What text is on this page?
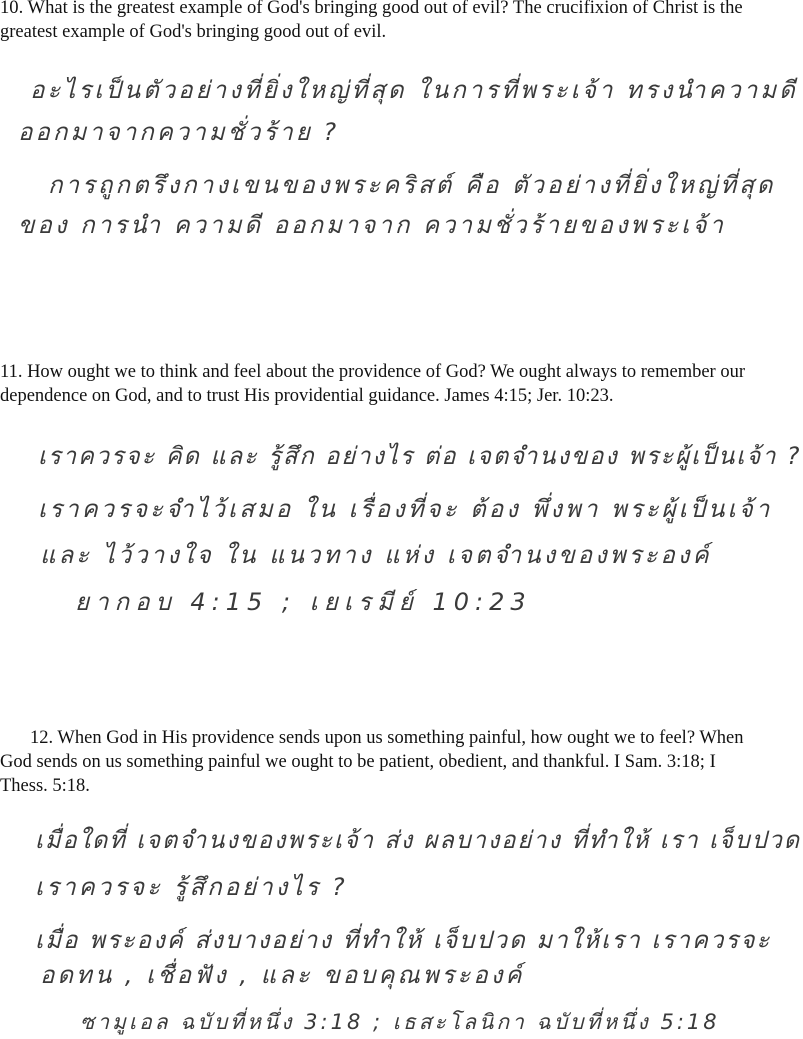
10. What is the greatest example of God's bringing good out of evil? The crucifixion of Christ is the
greatest example of God's bringing good out of evil.
อะไรเป็นตัวอย่างที่ยิ่งใหญ่ที่สุด ในการที่พระเจ้า ทรงนำความดี
ออกมาจากความชั่วร้าย ?
การถูกตรึงกางเขนของพระคริสต์ คือ ตัวอย่างที่ยิ่งใหญ่ที่สุด
ของ การนำ ความดี ออกมาจาก ความชั่วร้ายของพระเจ้า
11. How ought we to think and feel about the providence of God? We ought always to remember our
dependence on God, and to trust His providential guidance. James 4:15; Jer. 10:23.
เราควรจะ คิด และ รู้สึก อย่างไร ต่อ เจตจำนงของ พระผู้เป็นเจ้า ?
เราควรจะจำไว้เสมอ ใน เรื่องที่จะ ต้อง พึ่งพา พระผู้เป็นเจ้า
และ ไว้วางใจ ใน แนวทาง แห่ง เจตจำนงของพระองค์
ยากอบ 4:15 ; เยเรมีย์ 10:23
12. When God in His providence sends upon us something painful, how ought we to feel? When
God sends on us something painful we ought to be patient, obedient, and thankful. I Sam. 3:18; I
Thess. 5:18.
เมื่อใดที่ เจตจำนงของพระเจ้า ส่ง ผลบางอย่าง ที่ทำให้ เรา เจ็บปวด
เราควรจะ รู้สึกอย่างไร ?
เมื่อ พระองค์ ส่งบางอย่าง ที่ทำให้ เจ็บปวด มาให้เรา เราควรจะ
อดทน , เชื่อฟัง , และ ขอบคุณพระองค์
ซามูเอล ฉบับที่หนึ่ง 3:18 ; เธสะโลนิกา ฉบับที่หนึ่ง 5:18
